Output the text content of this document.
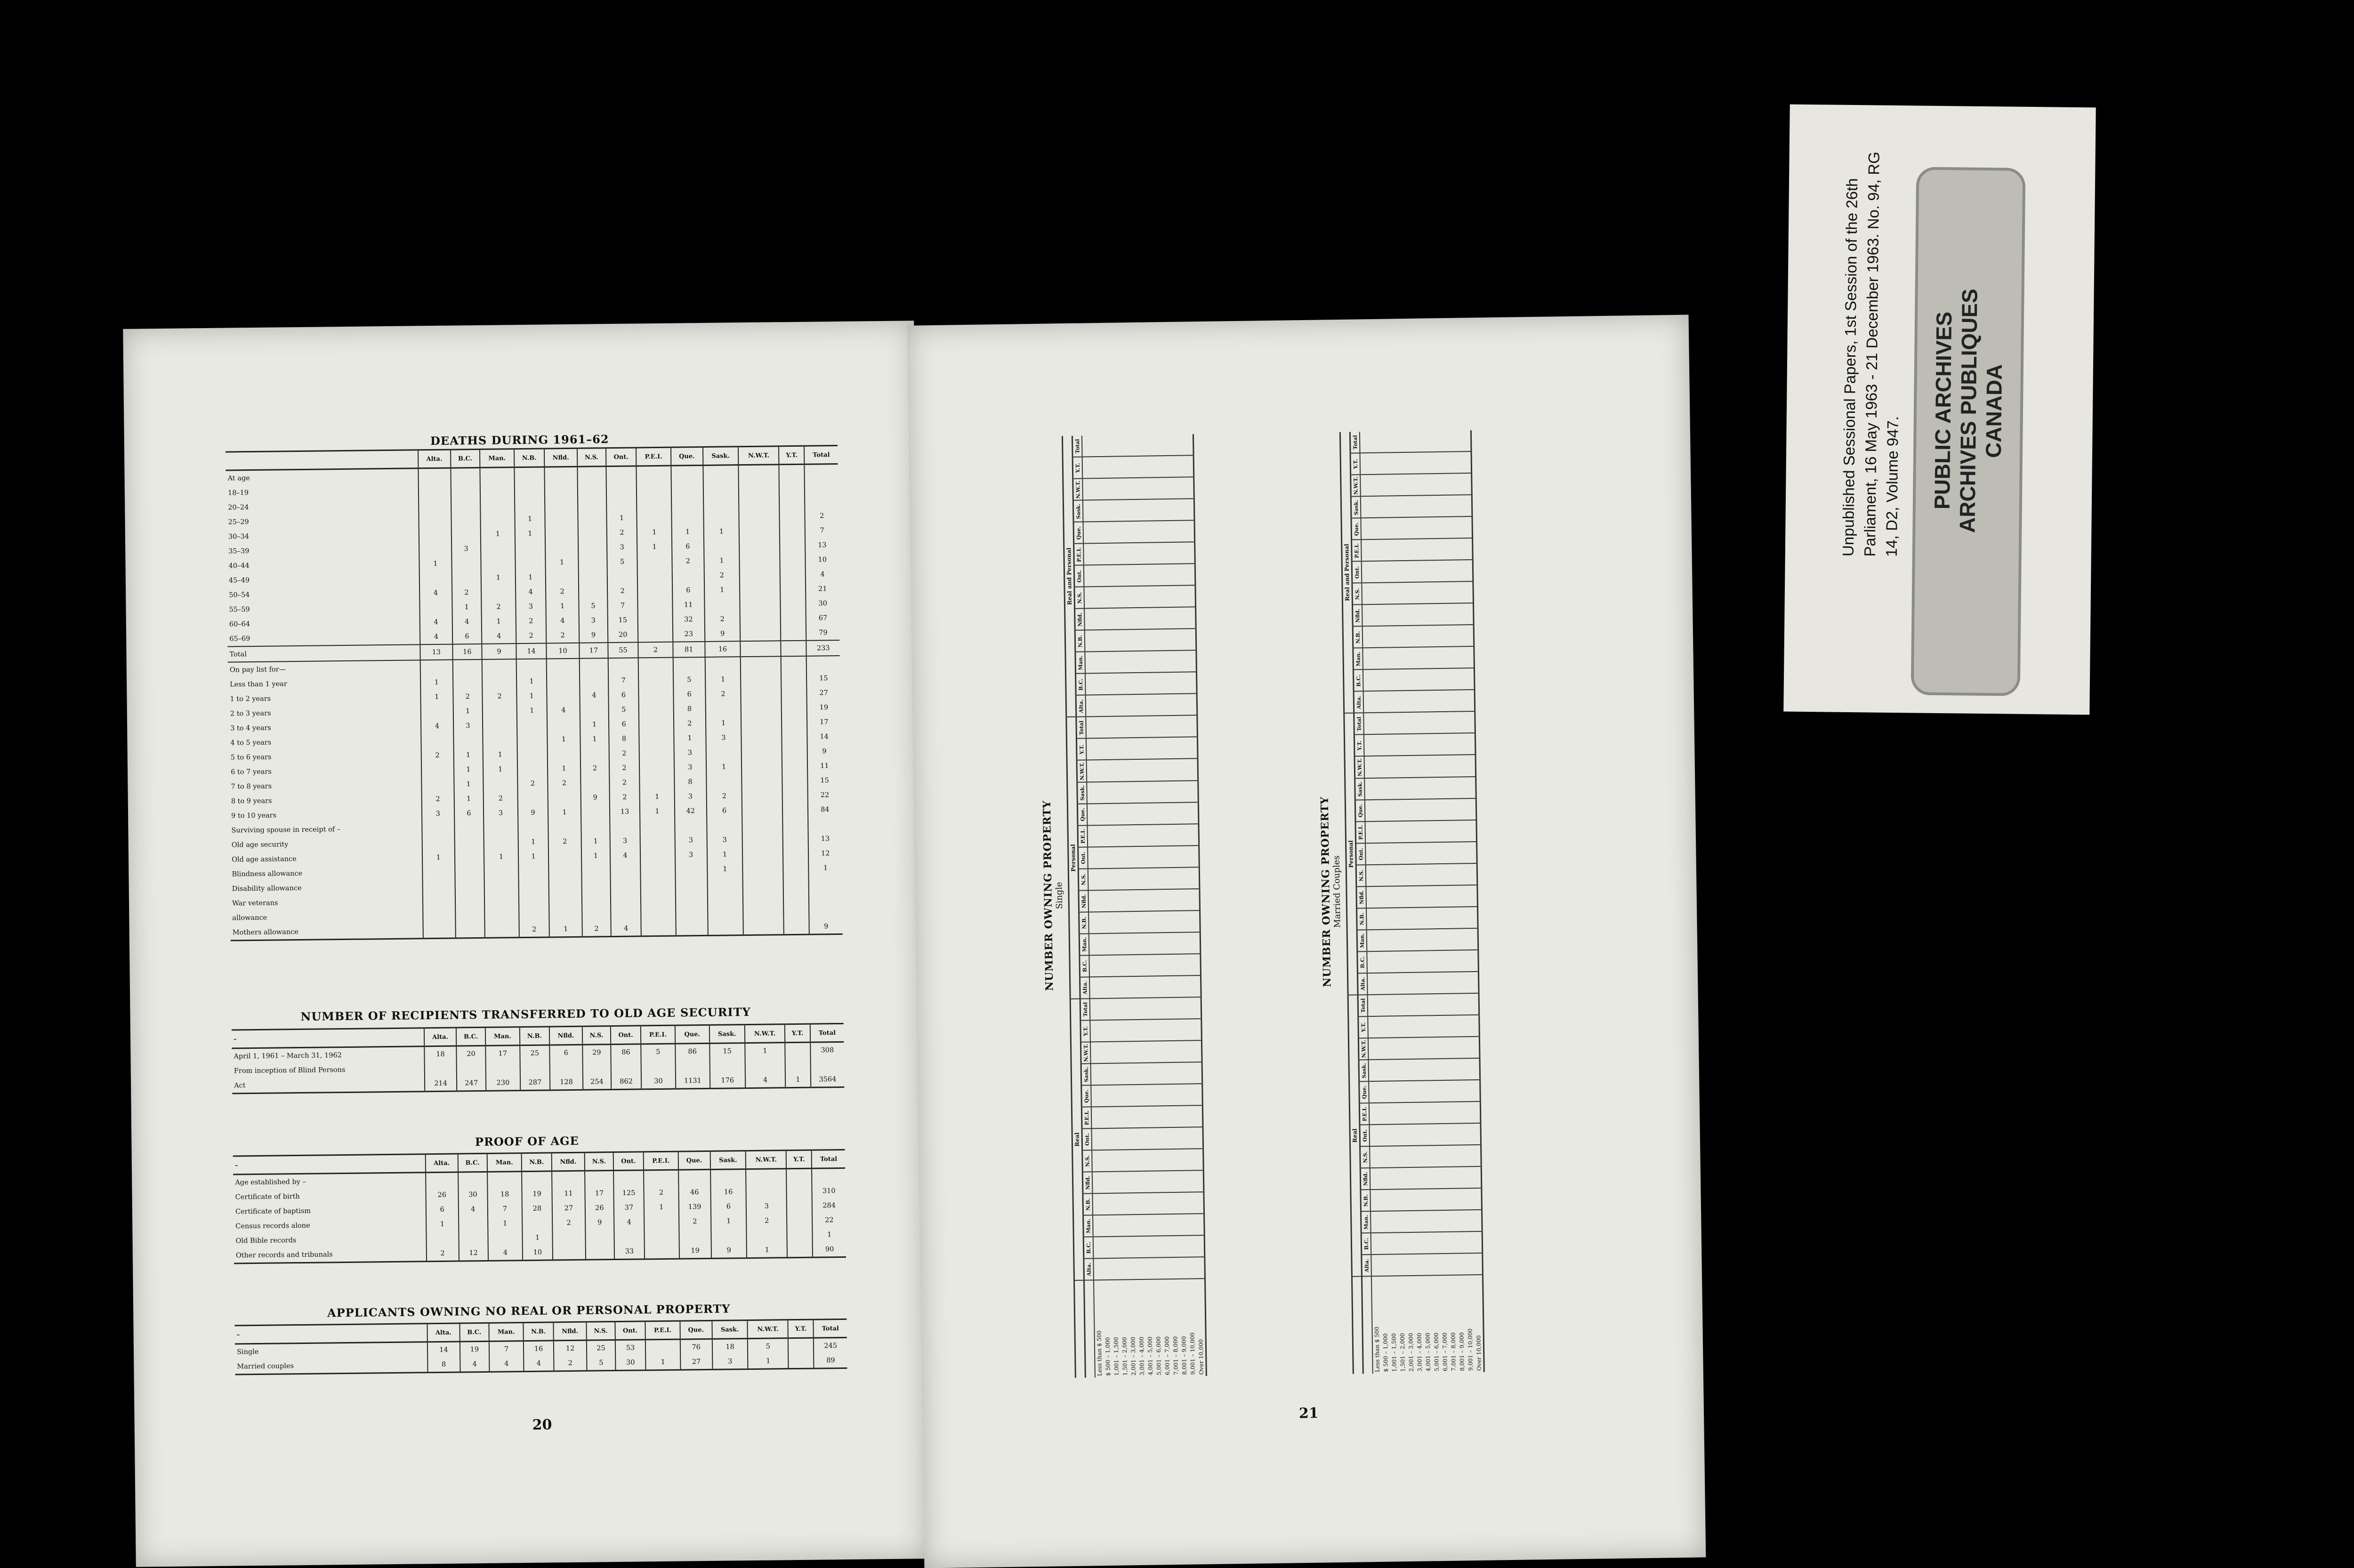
DEATHS DURING 1961–62
	Alta.	B.C.	Man.	N.B.	Nfld.	N.S.	Ont.	P.E.I.	Que.	Sask.	N.W.T.	Y.T.	Total
At age													
18–19													
20–24													
25–29				1			1						2
30–34			1	1			2	1	1	1			7
35–39		3					3	1	6				13
40–44	1				1		5		2	1			10
45–49			1	1						2			4
50–54	4	2		4	2		2		6	1			21
55–59		1	2	3	1	5	7		11				30
60–64	4	4	1	2	4	3	15		32	2			67
65–69	4	6	4	2	2	9	20		23	9			79
Total	13	16	9	14	10	17	55	2	81	16			233
On pay list for—													
Less than 1 year	1			1			7		5	1			15
1 to 2 years	1	2	2	1		4	6		6	2			27
2 to 3 years		1		1	4		5		8				19
3 to 4 years	4	3				1	6		2	1			17
4 to 5 years					1	1	8		1	3			14
5 to 6 years	2	1	1				2		3				9
6 to 7 years		1	1		1	2	2		3	1			11
7 to 8 years		1		2	2		2		8				15
8 to 9 years	2	1	2			9	2	1	3	2			22
9 to 10 years	3	6	3	9	1		13	1	42	6			84
Surviving spouse in receipt of –													
Old age security				1	2	1	3		3	3			13
Old age assistance	1		1	1		1	4		3	1			12
Blindness allowance										1			1
Disability allowance													
War veterans													
allowance													
Mothers allowance				2	1	2	4						9
NUMBER OF RECIPIENTS TRANSFERRED TO OLD AGE SECURITY
–	Alta.	B.C.	Man.	N.B.	Nfld.	N.S.	Ont.	P.E.I.	Que.	Sask.	N.W.T.	Y.T.	Total
April 1, 1961 – March 31, 1962	18	20	17	25	6	29	86	5	86	15	1		308
From inception of Blind Persons													
Act	214	247	230	287	128	254	862	30	1131	176	4	1	3564
PROOF OF AGE
–	Alta.	B.C.	Man.	N.B.	Nfld.	N.S.	Ont.	P.E.I.	Que.	Sask.	N.W.T.	Y.T.	Total
Age established by –													
Certificate of birth	26	30	18	19	11	17	125	2	46	16			310
Certificate of baptism	6	4	7	28	27	26	37	1	139	6	3		284
Census records alone	1		1		2	9	4		2	1	2		22
Old Bible records				1									1
Other records and tribunals	2	12	4	10			33		19	9	1		90
APPLICANTS OWNING NO REAL OR PERSONAL PROPERTY
–	Alta.	B.C.	Man.	N.B.	Nfld.	N.S.	Ont.	P.E.I.	Que.	Sask.	N.W.T.	Y.T.	Total
Single	14	19	7	16	12	25	53		76	18	5		245
Married couples	8	4	4	4	2	5	30	1	27	3	1		89
20
NUMBER OWNING PROPERTY
Single
	Real													Personal													Real and Personal												
	Alta.	B.C.	Man.	N.B.	Nfld.	N.S.	Ont.	P.E.I.	Que.	Sask.	N.W.T.	Y.T.	Total	Alta.	B.C.	Man.	N.B.	Nfld.	N.S.	Ont.	P.E.I.	Que.	Sask.	N.W.T.	Y.T.	Total	Alta.	B.C.	Man.	N.B.	Nfld.	N.S.	Ont.	P.E.I.	Que.	Sask.	N.W.T.	Y.T.	Total
Less than $ 500																																							
$ 500 – 1,000																																							
1,001 – 1,500																																							
1,501 – 2,000																																							
2,001 – 3,000																																							
3,001 – 4,000																																							
4,001 – 5,000																																							
5,001 – 6,000																																							
6,001 – 7,000																																							
7,001 – 8,000																																							
8,001 – 9,000																																							
9,001 – 10,000																																							
Over 10,000																																							
NUMBER OWNING PROPERTY
Married Couples
	Real													Personal													Real and Personal												
	Alta.	B.C.	Man.	N.B.	Nfld.	N.S.	Ont.	P.E.I.	Que.	Sask.	N.W.T.	Y.T.	Total	Alta.	B.C.	Man.	N.B.	Nfld.	N.S.	Ont.	P.E.I.	Que.	Sask.	N.W.T.	Y.T.	Total	Alta.	B.C.	Man.	N.B.	Nfld.	N.S.	Ont.	P.E.I.	Que.	Sask.	N.W.T.	Y.T.	Total
Less than $ 500																																							
$ 500 – 1,000																																							
1,001 – 1,500																																							
1,501 – 2,000																																							
2,001 – 3,000																																							
3,001 – 4,000																																							
4,001 – 5,000																																							
5,001 – 6,000																																							
6,001 – 7,000																																							
7,001 – 8,000																																							
8,001 – 9,000																																							
9,001 – 10,000																																							
Over 10,000																																							
21
Unpublished Sessional Papers, 1st Session of the 26th Parliament, 16 May 1963 - 21 December 1963. No. 94, RG 14, D2, Volume 947. PUBLIC ARCHIVES
ARCHIVES PUBLIQUES
CANADA
